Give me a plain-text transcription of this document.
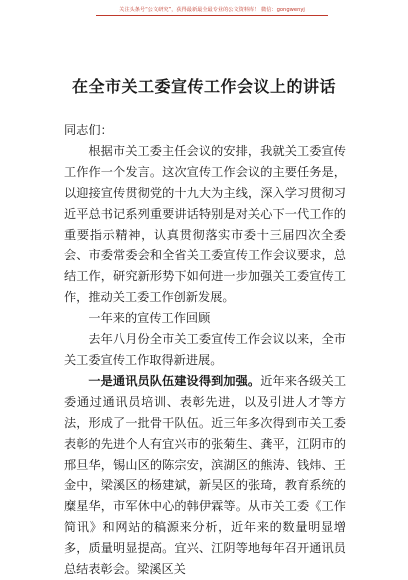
关注头条号“公文研究”，获得最新最全最专业的公文资料库！ 微信：gongwenyj
在全市关工委宣传工作会议上的讲话

同志们：

根据市关工委主任会议的安排，我就关工委宣传工作作一个发言。这次宣传工作会议的主要任务是，以迎接宣传贯彻党的十九大为主线，深入学习贯彻习近平总书记系列重要讲话特别是对关心下一代工作的重要指示精神，认真贯彻落实市委十三届四次全委会、市委常委会和全省关工委宣传工作会议要求，总结工作，研究新形势下如何进一步加强关工委宣传工作，推动关工委工作创新发展。

一年来的宣传工作回顾

去年八月份全市关工委宣传工作会议以来，全市关工委宣传工作取得新进展。

一是通讯员队伍建设得到加强。近年来各级关工委通过通讯员培训、表彰先进，以及引进人才等方法，形成了一批骨干队伍。近三年多次得到市关工委表彰的先进个人有宜兴市的张菊生、龚平，江阴市的邢旦华，锡山区的陈宗安，滨湖区的熊涛、钱炜、王金中，梁溪区的杨建斌，新吴区的张琦，教育系统的糜星华，市军休中心的韩伊霖等。从市关工委《工作简讯》和网站的稿源来分析，近年来的数量明显增多，质量明显提高。宜兴、江阴等地每年召开通讯员总结表彰会。梁溪区关
